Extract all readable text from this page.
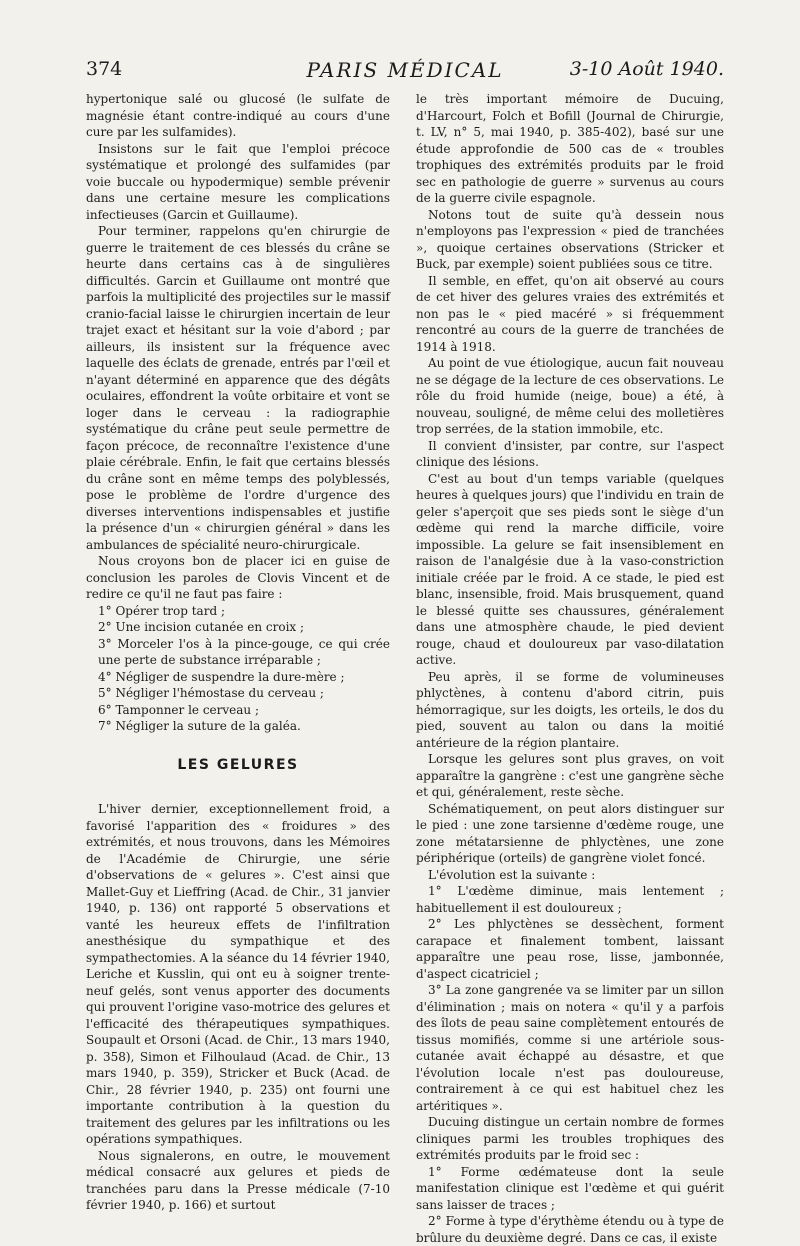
374	PARIS MÉDICAL	3-10 Août 1940.

hypertonique salé ou glucosé (le sulfate de magnésie étant contre-indiqué au cours d'une cure par les sulfamides).

Insistons sur le fait que l'emploi précoce systématique et prolongé des sulfamides (par voie buccale ou hypodermique) semble prévenir dans une certaine mesure les complications infectieuses (Garcin et Guillaume).

Pour terminer, rappelons qu'en chirurgie de guerre le traitement de ces blessés du crâne se heurte dans certains cas à de singulières difficultés. Garcin et Guillaume ont montré que parfois la multiplicité des projectiles sur le massif cranio-facial laisse le chirurgien incertain de leur trajet exact et hésitant sur la voie d'abord ; par ailleurs, ils insistent sur la fréquence avec laquelle des éclats de grenade, entrés par l'œil et n'ayant déterminé en apparence que des dégâts oculaires, effondrent la voûte orbitaire et vont se loger dans le cerveau : la radiographie systématique du crâne peut seule permettre de façon précoce, de reconnaître l'existence d'une plaie cérébrale. Enfin, le fait que certains blessés du crâne sont en même temps des polyblessés, pose le problème de l'ordre d'urgence des diverses interventions indispensables et justifie la présence d'un « chirurgien général » dans les ambulances de spécialité neuro-chirurgicale.

Nous croyons bon de placer ici en guise de conclusion les paroles de Clovis Vincent et de redire ce qu'il ne faut pas faire :

1° Opérer trop tard ;

2° Une incision cutanée en croix ;

3° Morceler l'os à la pince-gouge, ce qui crée une perte de substance irréparable ;

4° Négliger de suspendre la dure-mère ;

5° Négliger l'hémostase du cerveau ;

6° Tamponner le cerveau ;

7° Négliger la suture de la galéa.

LES GELURES

L'hiver dernier, exceptionnellement froid, a favorisé l'apparition des « froidures » des extrémités, et nous trouvons, dans les Mémoires de l'Académie de Chirurgie, une série d'observations de « gelures ». C'est ainsi que Mallet-Guy et Lieffring (Acad. de Chir., 31 janvier 1940, p. 136) ont rapporté 5 observations et vanté les heureux effets de l'infiltration anesthésique du sympathique et des sympathectomies. A la séance du 14 février 1940, Leriche et Kusslin, qui ont eu à soigner trente-neuf gelés, sont venus apporter des documents qui prouvent l'origine vaso-motrice des gelures et l'efficacité des thérapeutiques sympathiques. Soupault et Orsoni (Acad. de Chir., 13 mars 1940, p. 358), Simon et Filhoulaud (Acad. de Chir., 13 mars 1940, p. 359), Stricker et Buck (Acad. de Chir., 28 février 1940, p. 235) ont fourni une importante contribution à la question du traitement des gelures par les infiltrations ou les opérations sympathiques.

Nous signalerons, en outre, le mouvement médical consacré aux gelures et pieds de tranchées paru dans la Presse médicale (7-10 février 1940, p. 166) et surtout

le très important mémoire de Ducuing, d'Harcourt, Folch et Bofill (Journal de Chirurgie, t. LV, n° 5, mai 1940, p. 385-402), basé sur une étude approfondie de 500 cas de « troubles trophiques des extrémités produits par le froid sec en pathologie de guerre » survenus au cours de la guerre civile espagnole.

Notons tout de suite qu'à dessein nous n'employons pas l'expression « pied de tranchées », quoique certaines observations (Stricker et Buck, par exemple) soient publiées sous ce titre.

Il semble, en effet, qu'on ait observé au cours de cet hiver des gelures vraies des extrémités et non pas le « pied macéré » si fréquemment rencontré au cours de la guerre de tranchées de 1914 à 1918.

Au point de vue étiologique, aucun fait nouveau ne se dégage de la lecture de ces observations. Le rôle du froid humide (neige, boue) a été, à nouveau, souligné, de même celui des molletières trop serrées, de la station immobile, etc.

Il convient d'insister, par contre, sur l'aspect clinique des lésions.

C'est au bout d'un temps variable (quelques heures à quelques jours) que l'individu en train de geler s'aperçoit que ses pieds sont le siège d'un œdème qui rend la marche difficile, voire impossible. La gelure se fait insensiblement en raison de l'analgésie due à la vaso-constriction initiale créée par le froid. A ce stade, le pied est blanc, insensible, froid. Mais brusquement, quand le blessé quitte ses chaussures, généralement dans une atmosphère chaude, le pied devient rouge, chaud et douloureux par vaso-dilatation active.

Peu après, il se forme de volumineuses phlyctènes, à contenu d'abord citrin, puis hémorragique, sur les doigts, les orteils, le dos du pied, souvent au talon ou dans la moitié antérieure de la région plantaire.

Lorsque les gelures sont plus graves, on voit apparaître la gangrène : c'est une gangrène sèche et qui, généralement, reste sèche.

Schématiquement, on peut alors distinguer sur le pied : une zone tarsienne d'œdème rouge, une zone métatarsienne de phlyctènes, une zone périphérique (orteils) de gangrène violet foncé.

L'évolution est la suivante :

1° L'œdème diminue, mais lentement ; habituellement il est douloureux ;

2° Les phlyctènes se dessèchent, forment carapace et finalement tombent, laissant apparaître une peau rose, lisse, jambonnée, d'aspect cicatriciel ;

3° La zone gangrenée va se limiter par un sillon d'élimination ; mais on notera « qu'il y a parfois des îlots de peau saine complètement entourés de tissus momifiés, comme si une artériole sous-cutanée avait échappé au désastre, et que l'évolution locale n'est pas douloureuse, contrairement à ce qui est habituel chez les artéritiques ».

Ducuing distingue un certain nombre de formes cliniques parmi les troubles trophiques des extrémités produits par le froid sec :

1° Forme œdémateuse dont la seule manifestation clinique est l'œdème et qui guérit sans laisser de traces ;

2° Forme à type d'érythème étendu ou à type de brûlure du deuxième degré. Dans ce cas, il existe
